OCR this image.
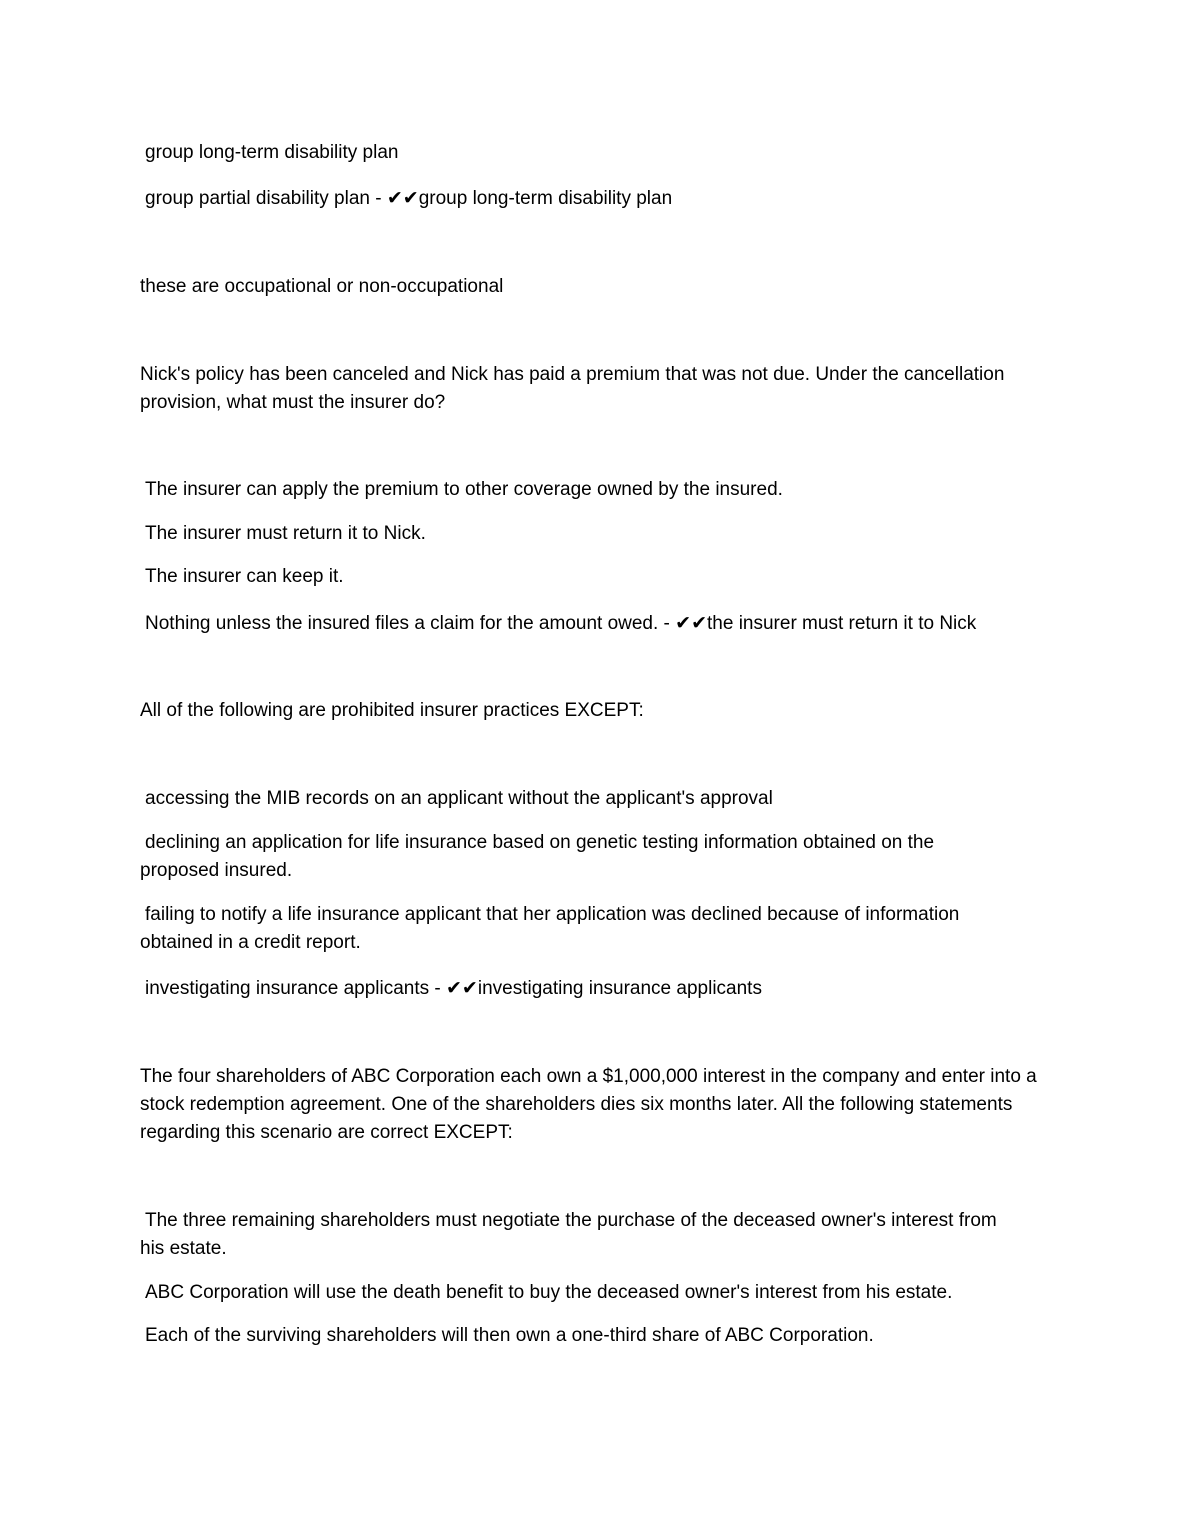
group long-term disability plan
group partial disability plan - ✔✔group long-term disability plan
these are occupational or non-occupational
Nick's policy has been canceled and Nick has paid a premium that was not due. Under the cancellation provision, what must the insurer do?
The insurer can apply the premium to other coverage owned by the insured.
The insurer must return it to Nick.
The insurer can keep it.
Nothing unless the insured files a claim for the amount owed. - ✔✔the insurer must return it to Nick
All of the following are prohibited insurer practices EXCEPT:
accessing the MIB records on an applicant without the applicant's approval
declining an application for life insurance based on genetic testing information obtained on the
proposed insured.
failing to notify a life insurance applicant that her application was declined because of information
obtained in a credit report.
investigating insurance applicants - ✔✔investigating insurance applicants
The four shareholders of ABC Corporation each own a $1,000,000 interest in the company and enter into a stock redemption agreement. One of the shareholders dies six months later. All the following statements regarding this scenario are correct EXCEPT:
The three remaining shareholders must negotiate the purchase of the deceased owner's interest from
his estate.
ABC Corporation will use the death benefit to buy the deceased owner's interest from his estate.
Each of the surviving shareholders will then own a one-third share of ABC Corporation.
